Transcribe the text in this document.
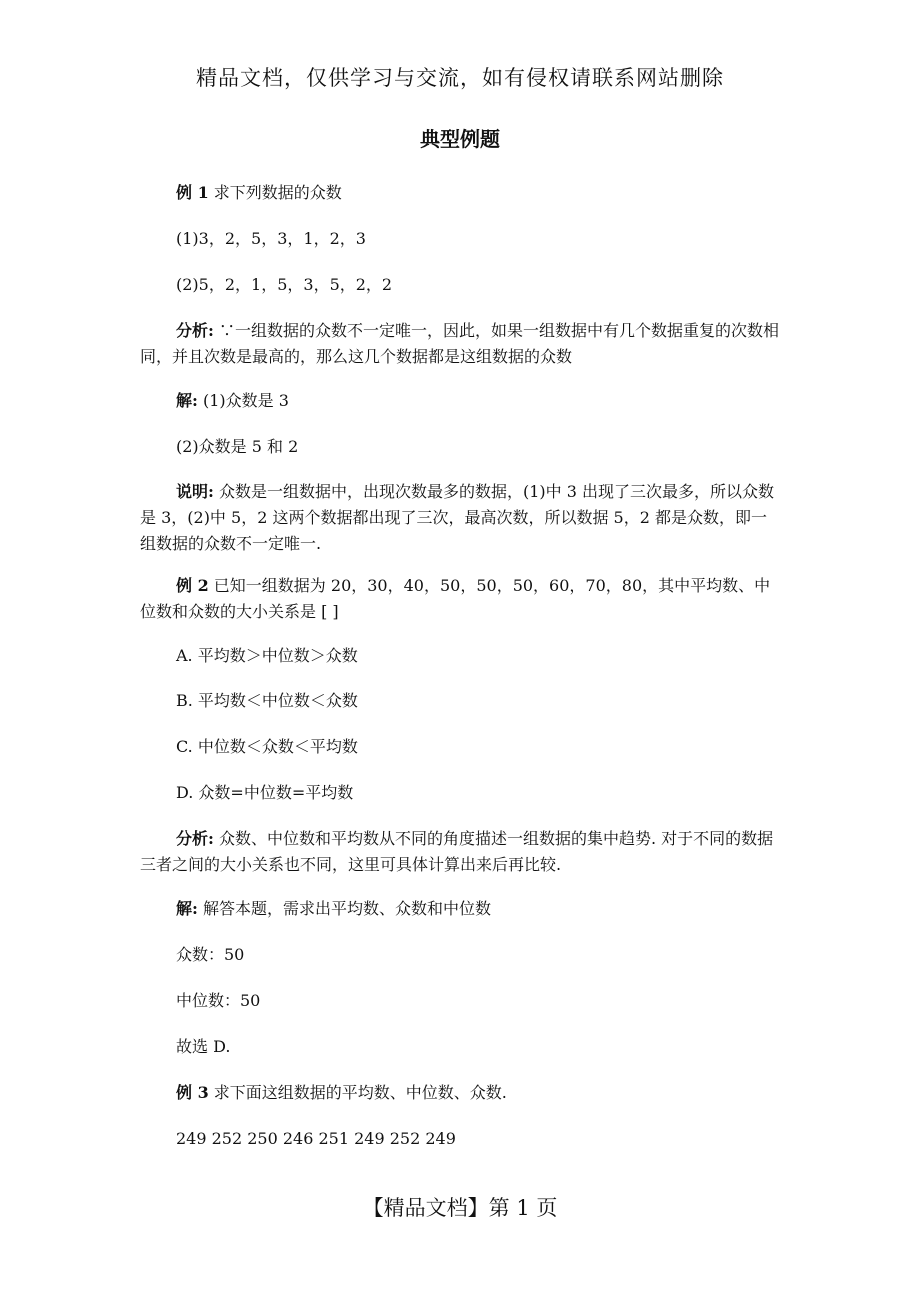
精品文档，仅供学习与交流，如有侵权请联系网站删除
典型例题
例 1 求下列数据的众数
(1)3，2，5，3，1，2，3
(2)5，2，1，5，3，5，2，2
分析: ∵一组数据的众数不一定唯一，因此，如果一组数据中有几个数据重复的次数相同，并且次数是最高的，那么这几个数据都是这组数据的众数
解: (1)众数是 3
(2)众数是 5 和 2
说明: 众数是一组数据中，出现次数最多的数据，(1)中 3 出现了三次最多，所以众数是 3，(2)中 5，2 这两个数据都出现了三次，最高次数，所以数据 5，2 都是众数，即一组数据的众数不一定唯一.
例 2 已知一组数据为 20，30，40，50，50，50，60，70，80，其中平均数、中位数和众数的大小关系是 [ ]
A. 平均数＞中位数＞众数
B. 平均数＜中位数＜众数
C. 中位数＜众数＜平均数
D. 众数=中位数=平均数
分析: 众数、中位数和平均数从不同的角度描述一组数据的集中趋势. 对于不同的数据三者之间的大小关系也不同，这里可具体计算出来后再比较.
解: 解答本题，需求出平均数、众数和中位数
众数：50
中位数：50
故选 D.
例 3 求下面这组数据的平均数、中位数、众数.
249 252 250 246 251 249 252 249
【精品文档】第 1 页
